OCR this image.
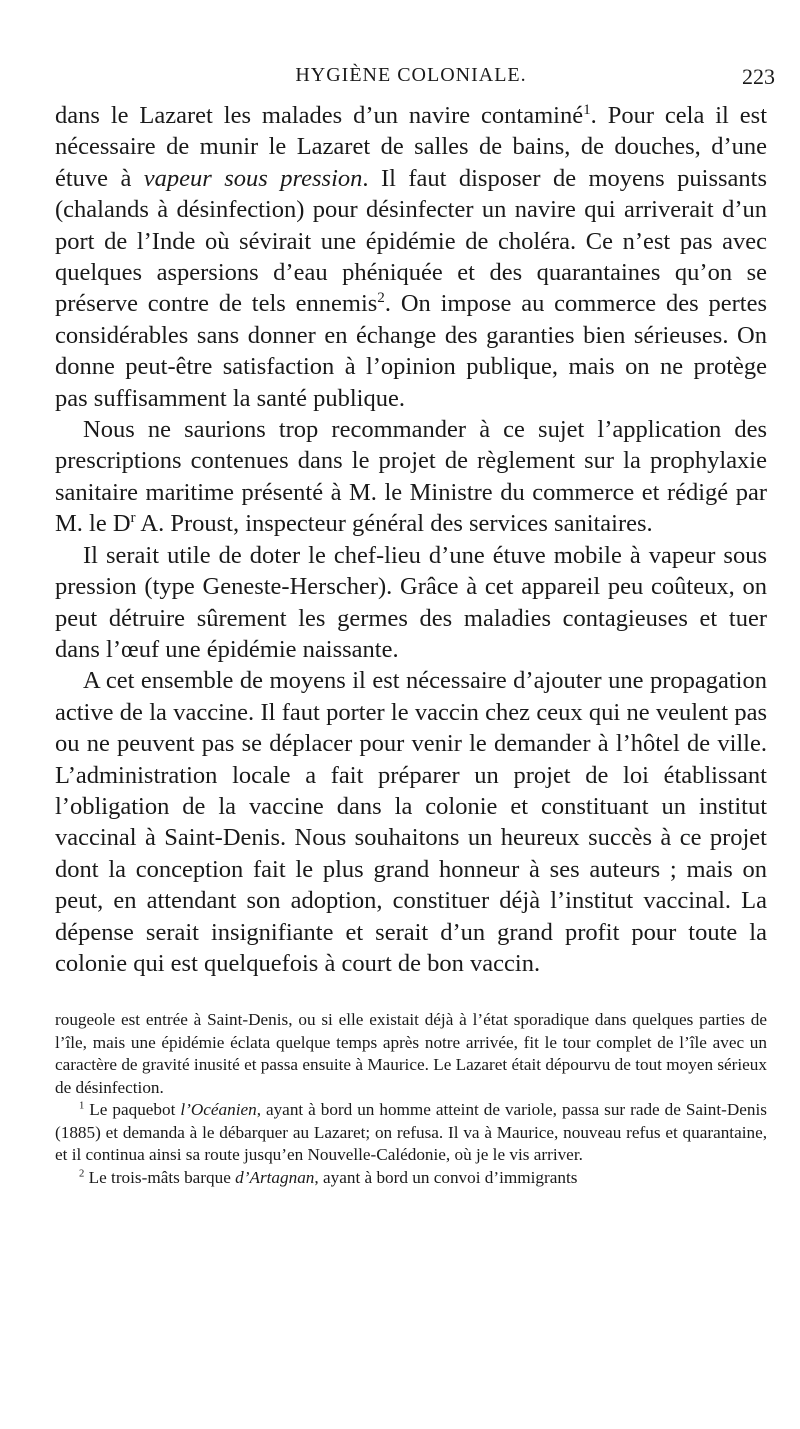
HYGIÈNE COLONIALE.	223

dans le Lazaret les malades d’un navire contaminé$^1$. Pour cela il est nécessaire de munir le Lazaret de salles de bains, de douches, d’une étuve à vapeur sous pression. Il faut disposer de moyens puissants (chalands à désinfection) pour désinfecter un navire qui arriverait d’un port de l’Inde où sévirait une épidémie de choléra. Ce n’est pas avec quelques aspersions d’eau phéniquée et des quarantaines qu’on se préserve contre de tels ennemis$^2$. On impose au commerce des pertes considérables sans donner en échange des garanties bien sérieuses. On donne peut-être satisfaction à l’opinion publique, mais on ne protège pas suffisamment la santé publique.

Nous ne saurions trop recommander à ce sujet l’application des prescriptions contenues dans le projet de règlement sur la prophylaxie sanitaire maritime présenté à M. le Ministre du commerce et rédigé par M. le $D^r$ A. Proust, inspecteur général des services sanitaires.

Il serait utile de doter le chef-lieu d’une étuve mobile à vapeur sous pression (type Geneste-Herscher). Grâce à cet appareil peu coûteux, on peut détruire sûrement les germes des maladies contagieuses et tuer dans l’œuf une épidémie naissante.

A cet ensemble de moyens il est nécessaire d’ajouter une propagation active de la vaccine. Il faut porter le vaccin chez ceux qui ne veulent pas ou ne peuvent pas se déplacer pour venir le demander à l’hôtel de ville. L’administration locale a fait préparer un projet de loi établissant l’obligation de la vaccine dans la colonie et constituant un institut vaccinal à Saint-Denis. Nous souhaitons un heureux succès à ce projet dont la conception fait le plus grand honneur à ses auteurs ; mais on peut, en attendant son adoption, constituer déjà l’institut vaccinal. La dépense serait insignifiante et serait d’un grand profit pour toute la colonie qui est quelquefois à court de bon vaccin.

rougeole est entrée à Saint-Denis, ou si elle existait déjà à l’état sporadique dans quelques parties de l’île, mais une épidémie éclata quelque temps après notre arrivée, fit le tour complet de l’île avec un caractère de gravité inusité et passa ensuite à Maurice. Le Lazaret était dépourvu de tout moyen sérieux de désinfection.

$^1$ Le paquebot l’Océanien, ayant à bord un homme atteint de variole, passa sur rade de Saint-Denis (1885) et demanda à le débarquer au Lazaret; on refusa. Il va à Maurice, nouveau refus et quarantaine, et il continua ainsi sa route jusqu’en Nouvelle-Calédonie, où je le vis arriver.

$^2$ Le trois-mâts barque d’Artagnan, ayant à bord un convoi d’immigrants
